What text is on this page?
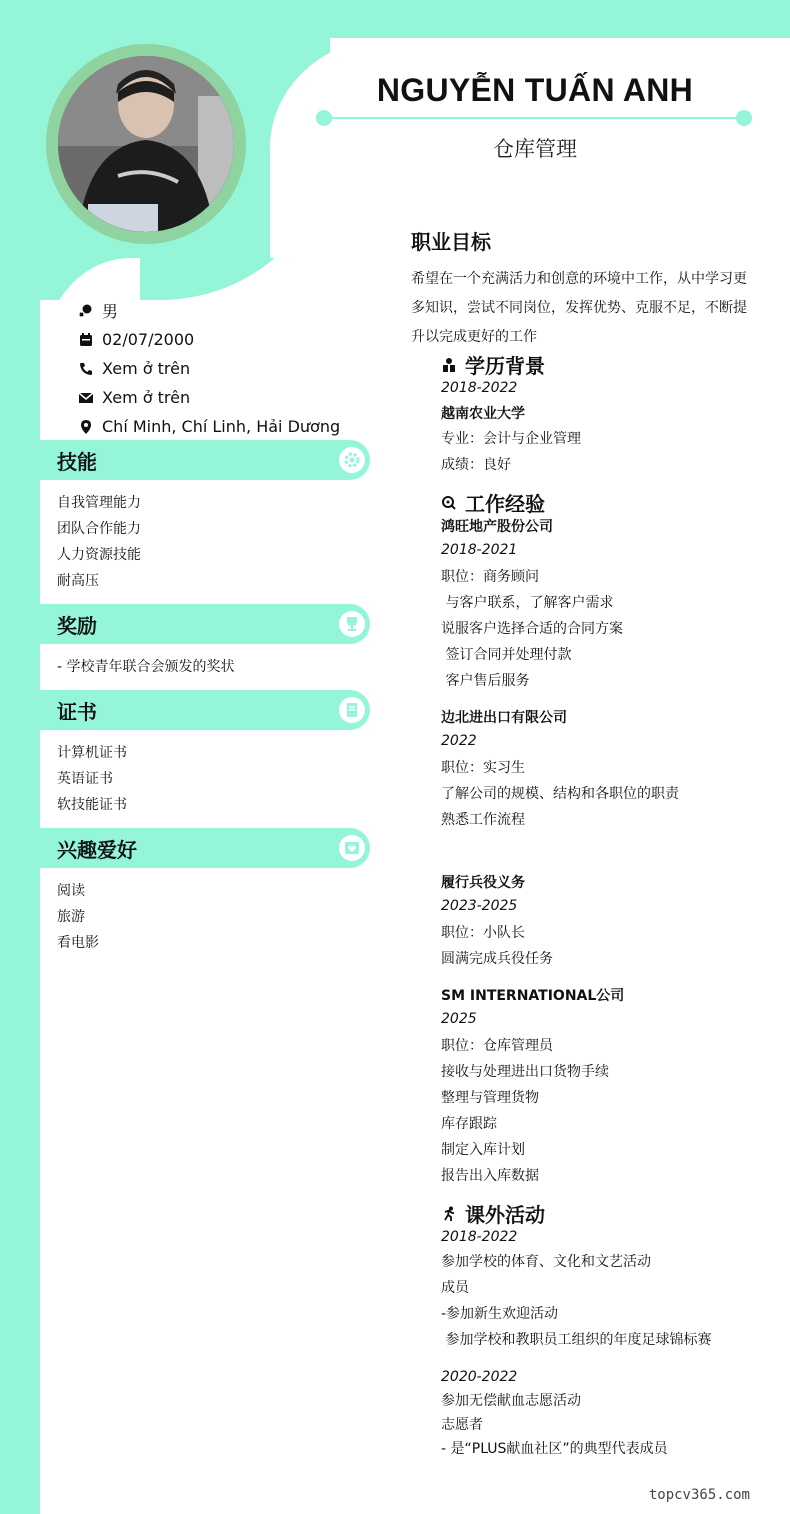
NGUYỄN TUẤN ANH
仓库管理
男
02/07/2000
Xem ở trên
Xem ở trên
Chí Minh, Chí Linh, Hải Dương
技能
自我管理能力
团队合作能力
人力资源技能
耐高压
奖励
- 学校青年联合会颁发的奖状
证书
计算机证书
英语证书
软技能证书
兴趣爱好
阅读
旅游
看电影
职业目标
希望在一个充满活力和创意的环境中工作，从中学习更
多知识，尝试不同岗位，发挥优势、克服不足，不断提
升以完成更好的工作
学历背景
2018-2022
越南农业大学
专业：会计与企业管理
成绩：良好
工作经验
鸿旺地产股份公司
2018-2021
职位：商务顾问
与客户联系，了解客户需求
说服客户选择合适的合同方案
签订合同并处理付款
客户售后服务
边北进出口有限公司
2022
职位：实习生
了解公司的规模、结构和各职位的职责
熟悉工作流程
履行兵役义务
2023-2025
职位：小队长
圆满完成兵役任务
SM INTERNATIONAL公司
2025
职位：仓库管理员
接收与处理进出口货物手续
整理与管理货物
库存跟踪
制定入库计划
报告出入库数据
课外活动
2018-2022
参加学校的体育、文化和文艺活动
成员
-参加新生欢迎活动
参加学校和教职员工组织的年度足球锦标赛
2020-2022
参加无偿献血志愿活动
志愿者
- 是“PLUS献血社区”的典型代表成员
topcv365.com
